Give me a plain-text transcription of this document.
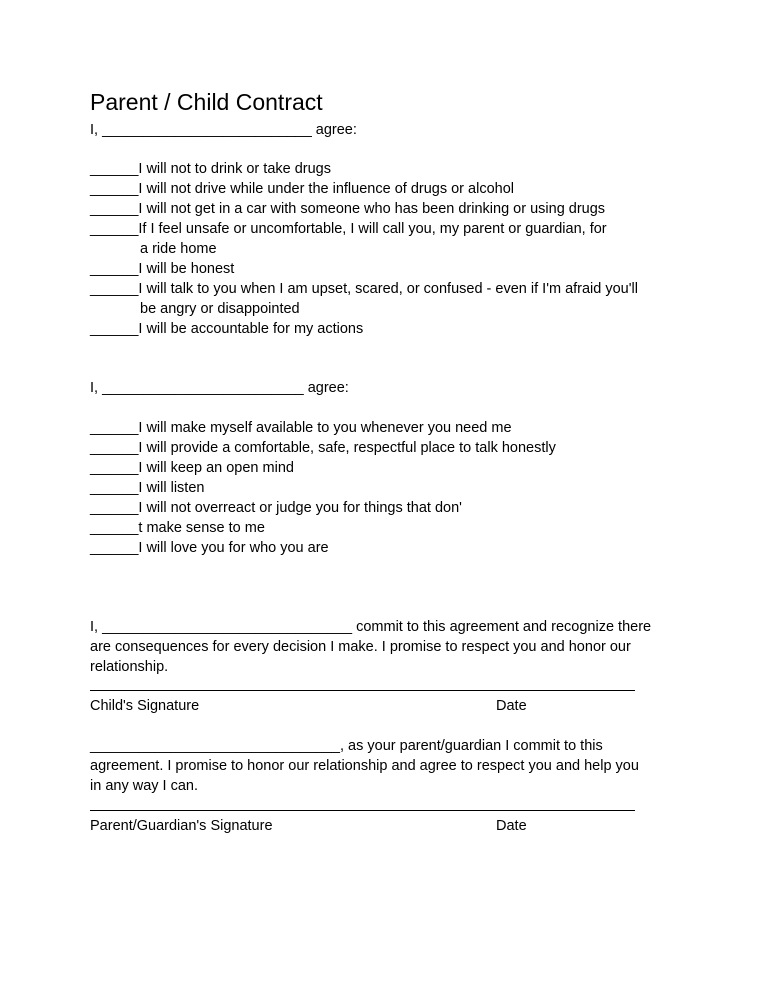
Parent / Child Contract
I, __________________________ agree:
______I will not to drink or take drugs
______I will not drive while under the influence of drugs or alcohol
______I will not get in a car with someone who has been drinking or using drugs
______If I feel unsafe or uncomfortable, I will call you, my parent or guardian, for
a ride home
______I will be honest
______I will talk to you when I am upset, scared, or confused - even if I'm afraid you'll
be angry or disappointed
______I will be accountable for my actions
I, _________________________ agree:
______I will make myself available to you whenever you need me
______I will provide a comfortable, safe, respectful place to talk honestly
______I will keep an open mind
______I will listen
______I will not overreact or judge you for things that don'
______t make sense to me
______I will love you for who you are

I, _______________________________ commit to this agreement and recognize there

are consequences for every decision I make. I promise to respect you and honor our

relationship.

Child's Signature	Date

_______________________________, as your parent/guardian I commit to this

agreement. I promise to honor our relationship and agree to respect you and help you

in any way I can.

Parent/Guardian's Signature	Date
